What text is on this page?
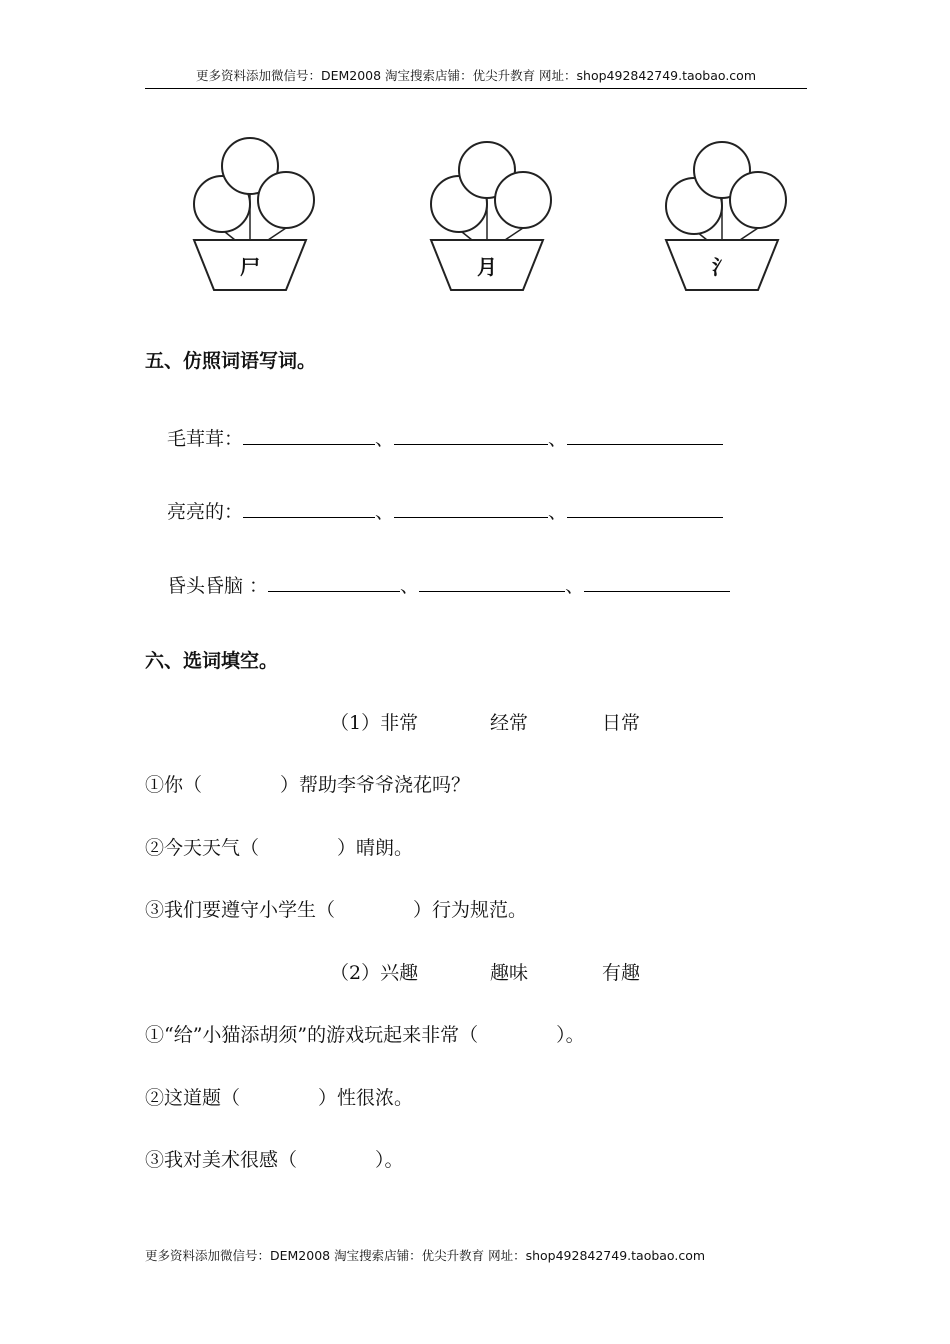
更多资料添加微信号：DEM2008 淘宝搜索店铺：优尖升教育 网址：shop492842749.taobao.com
尸	月	氵
五、仿照词语写词。
毛茸茸：	、	、
亮亮的：	、	、
昏头昏脑 ：	、	、
六、选词填空。
（1）非常	经常	日常
①你（	）帮助李爷爷浇花吗？
②今天天气（	）晴朗。
③我们要遵守小学生（	）行为规范。
（2）兴趣	趣味	有趣
①“给”小猫添胡须”的游戏玩起来非常（	）。
②这道题（	）性很浓。
③我对美术很感（	）。
更多资料添加微信号：DEM2008 淘宝搜索店铺：优尖升教育 网址：shop492842749.taobao.com
